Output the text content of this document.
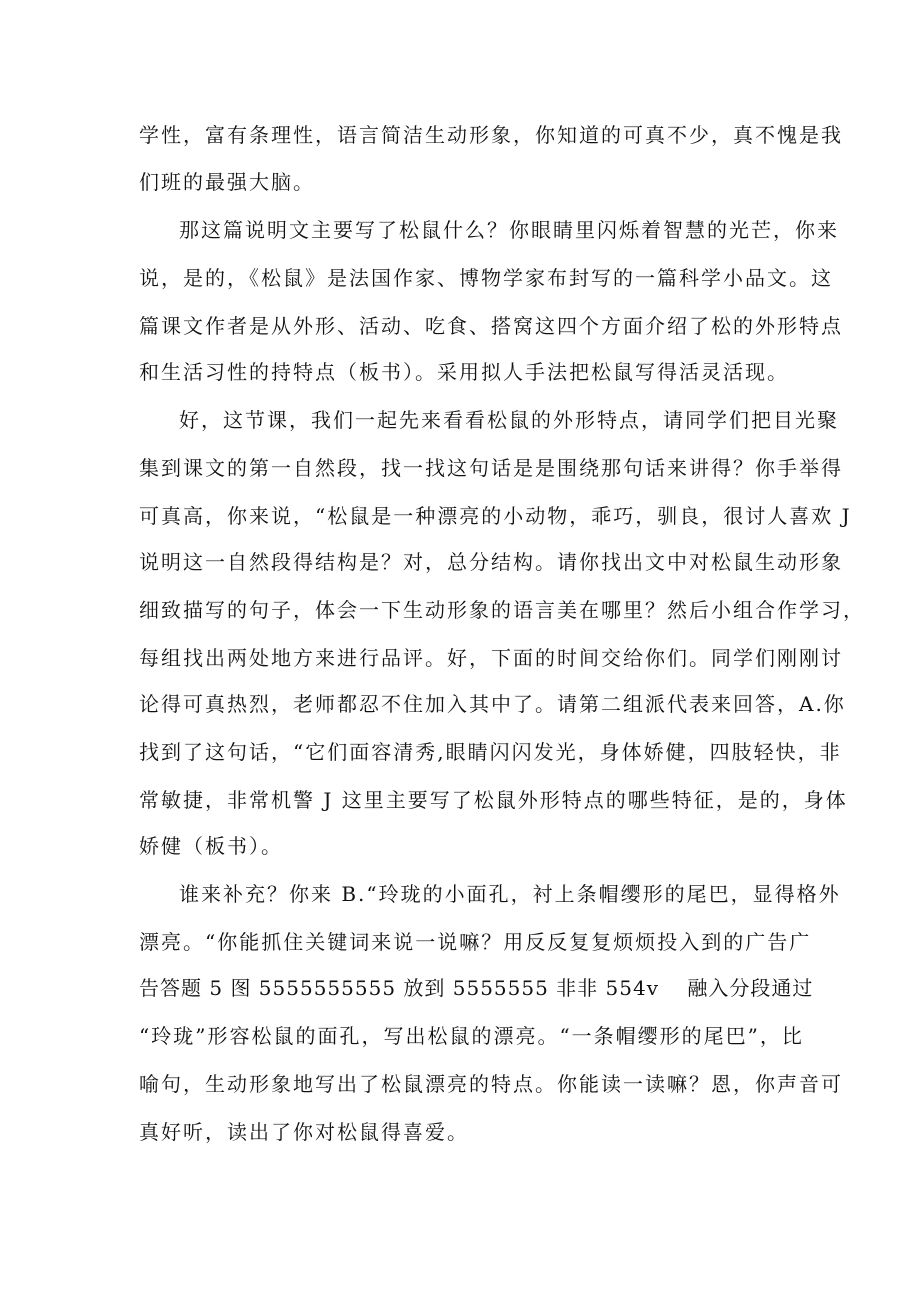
学性，富有条理性，语言简洁生动形象，你知道的可真不少，真不愧是我

们班的最强大脑。

那这篇说明文主要写了松鼠什么？你眼睛里闪烁着智慧的光芒，你来

说，是的，《松鼠》是法国作家、博物学家布封写的一篇科学小品文。这

篇课文作者是从外形、活动、吃食、搭窝这四个方面介绍了松的外形特点

和生活习性的持特点（板书）。采用拟人手法把松鼠写得活灵活现。

好，这节课，我们一起先来看看松鼠的外形特点，请同学们把目光聚

集到课文的第一自然段，找一找这句话是是围绕那句话来讲得？你手举得

可真高，你来说，“松鼠是一种漂亮的小动物，乖巧，驯良，很讨人喜欢 J

说明这一自然段得结构是？对，总分结构。请你找出文中对松鼠生动形象

细致描写的句子，体会一下生动形象的语言美在哪里？然后小组合作学习，

每组找出两处地方来进行品评。好，下面的时间交给你们。同学们刚刚讨

论得可真热烈，老师都忍不住加入其中了。请第二组派代表来回答，A.你

找到了这句话，“它们面容清秀,眼睛闪闪发光，身体娇健，四肢轻快，非

常敏捷，非常机警 J 这里主要写了松鼠外形特点的哪些特征，是的，身体

娇健（板书）。

谁来补充？你来 B.“玲珑的小面孔，衬上条帽缨形的尾巴，显得格外

漂亮。“你能抓住关键词来说一说嘛？用反反复复烦烦投入到的广告广

告答题 5 图 5555555555 放到 5555555 非非 554v　 融入分段通过

“玲珑”形容松鼠的面孔，写出松鼠的漂亮。“一条帽缨形的尾巴”，比

喻句，生动形象地写出了松鼠漂亮的特点。你能读一读嘛？恩，你声音可

真好听，读出了你对松鼠得喜爱。
